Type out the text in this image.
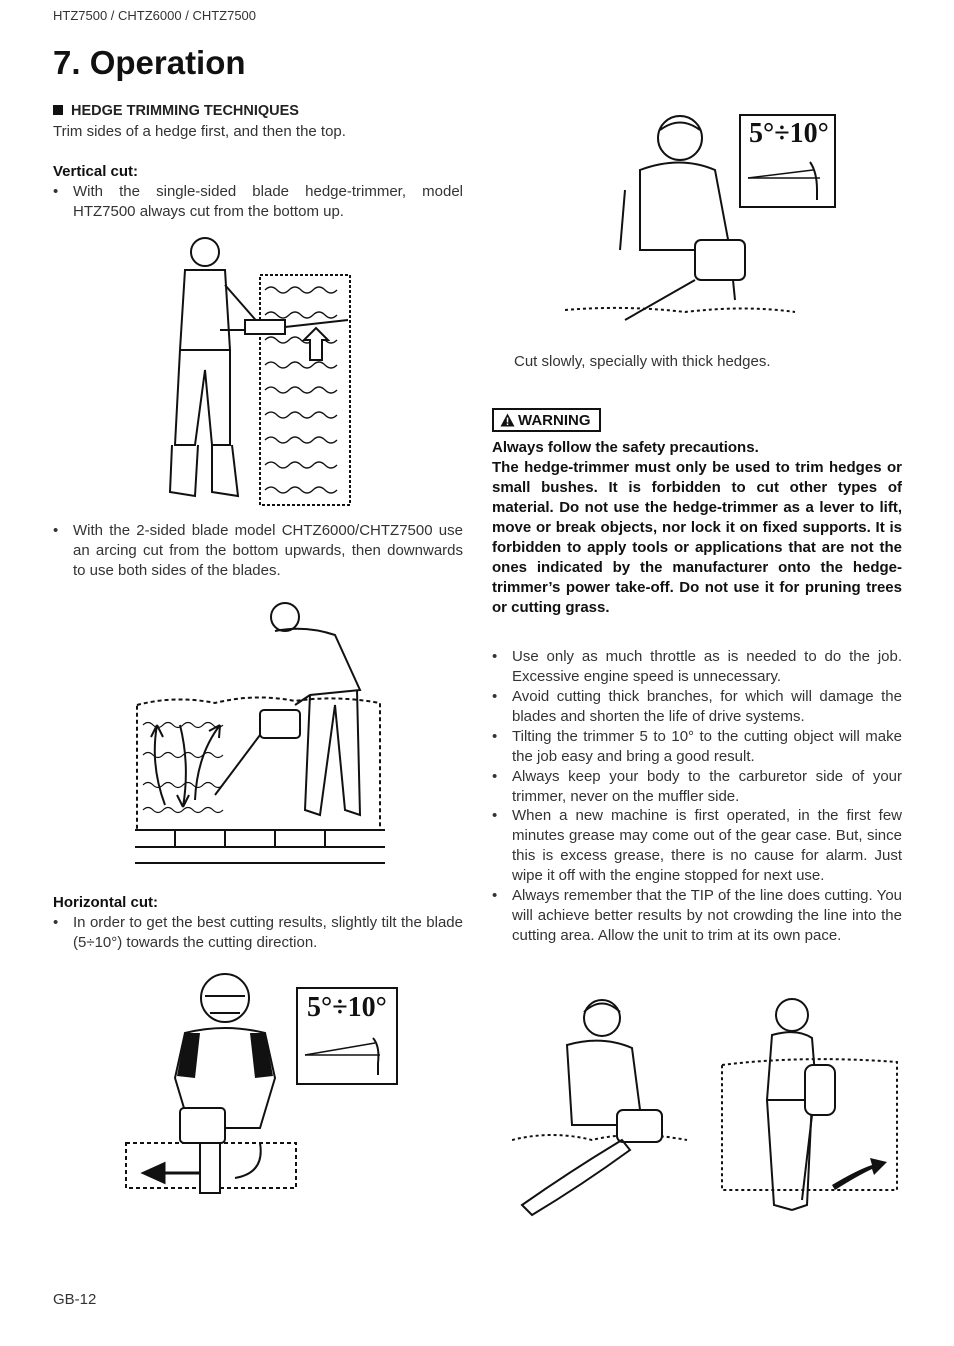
HTZ7500 / CHTZ6000 / CHTZ7500
7. Operation
HEDGE TRIMMING TECHNIQUES
Trim sides of a hedge first, and then the top.
Vertical cut:
• With the single-sided blade hedge-trimmer, model HTZ7500 always cut from the bottom up.
• With the 2-sided blade model CHTZ6000/CHTZ7500 use an arcing cut from the bottom upwards, then downwards to use both sides of the blades.
Horizontal cut:
• In order to get the best cutting results, slightly tilt the blade (5÷10°) towards the cutting direction.
5°÷10°
5°÷10°
Cut slowly, specially with thick hedges.
WARNING
Always follow the safety precautions.
The hedge-trimmer must only be used to trim hedges or small bushes. It is forbidden to cut other types of material. Do not use the hedge-trimmer as a lever to lift, move or break objects, nor lock it on fixed supports. It is forbidden to apply tools or applications that are not the ones indicated by the manufacturer onto the hedge-trimmer’s power take-off. Do not use it for pruning trees or cutting grass.
• Use only as much throttle as is needed to do the job. Excessive engine speed is unnecessary.
• Avoid cutting thick branches, for which will damage the blades and shorten the life of drive systems.
• Tilting the trimmer 5 to 10° to the cutting object will make the job easy and bring a good result.
• Always keep your body to the carburetor side of your trimmer, never on the muffler side.
• When a new machine is first operated, in the first few minutes grease may come out of the gear case. But, since this is excess grease, there is no cause for alarm. Just wipe it off with the engine stopped for next use.
• Always remember that the TIP of the line does cutting. You will achieve better results by not crowding the line into the cutting area. Allow the unit to trim at its own pace.
GB-12
